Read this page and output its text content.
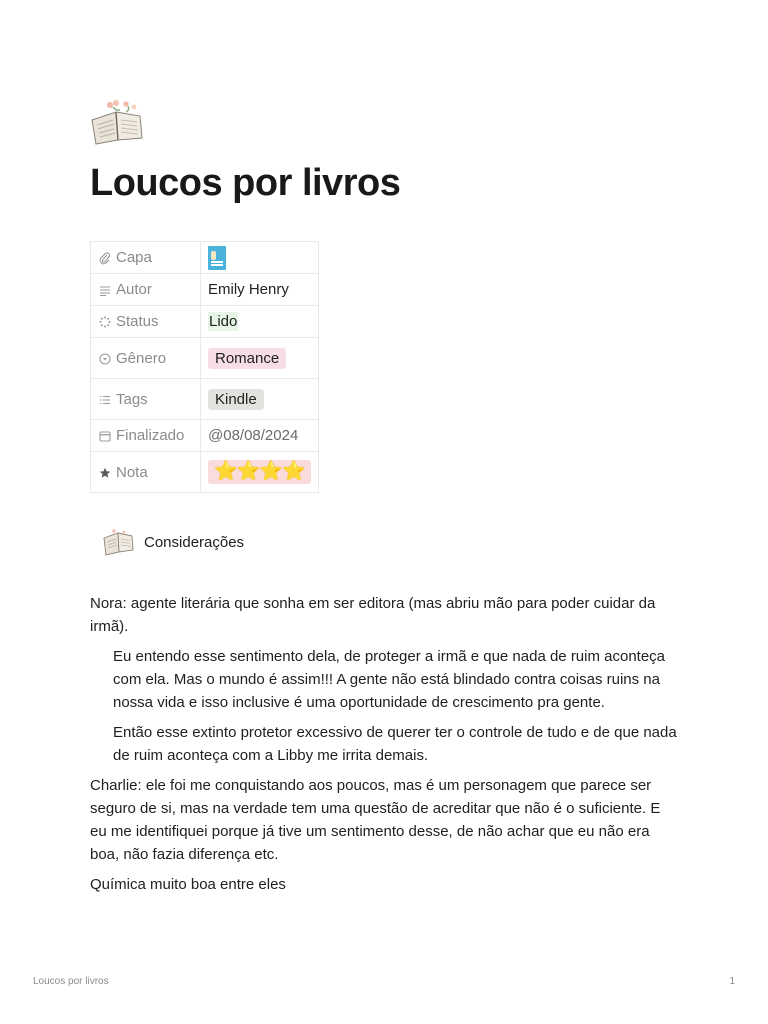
Loucos por livros
Capa	

Autor	Emily Henry

Status	Lido

Gênero	Romance

Tags	Kindle

Finalizado	@08/08/2024

Nota	⭐⭐⭐⭐
Considerações

Nora: agente literária que sonha em ser editora (mas abriu mão para poder cuidar da irmã).

Eu entendo esse sentimento dela, de proteger a irmã e que nada de ruim aconteça com ela. Mas o mundo é assim!!! A gente não está blindado contra coisas ruins na nossa vida e isso inclusive é uma oportunidade de crescimento pra gente.

Então esse extinto protetor excessivo de querer ter o controle de tudo e de que nada de ruim aconteça com a Libby me irrita demais.

Charlie: ele foi me conquistando aos poucos, mas é um personagem que parece ser seguro de si, mas na verdade tem uma questão de acreditar que não é o suficiente. E eu me identifiquei porque já tive um sentimento desse, de não achar que eu não era boa, não fazia diferença etc.

Química muito boa entre eles

Loucos por livros	1
